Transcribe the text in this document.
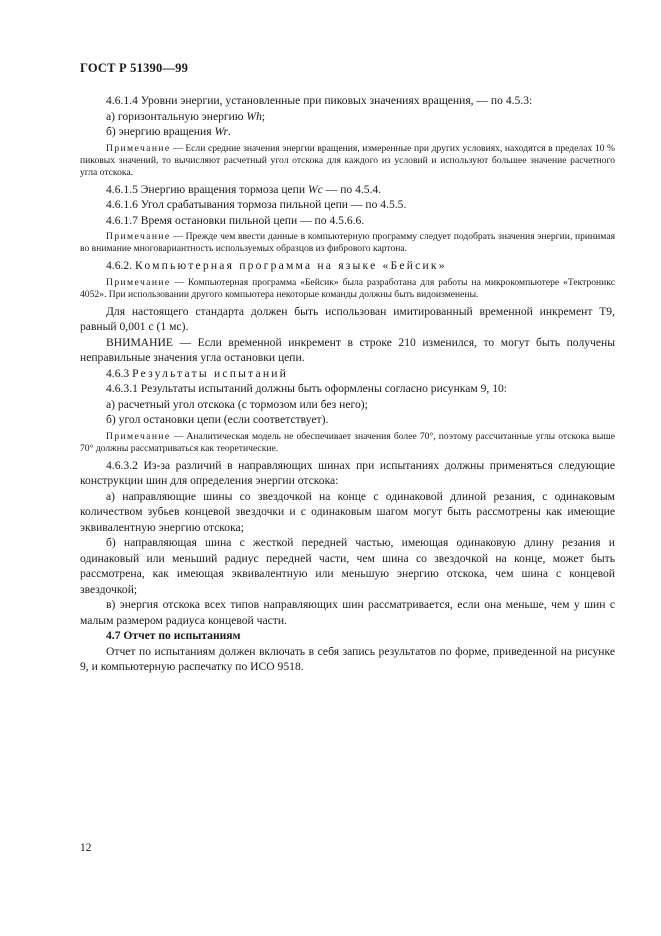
ГОСТ Р 51390—99

4.6.1.4 Уровни энергии, установленные при пиковых значениях вращения, — по 4.5.3:

а) горизонтальную энергию Wh;

б) энергию вращения Wr.

Примечание — Если средние значения энергии вращения, измеренные при других условиях, находятся в пределах 10 % пиковых значений, то вычисляют расчетный угол отскока для каждого из условий и используют большее значение расчетного угла отскока.

4.6.1.5 Энергию вращения тормоза цепи Wc — по 4.5.4.

4.6.1.6 Угол срабатывания тормоза пильной цепи — по 4.5.5.

4.6.1.7 Время остановки пильной цепи — по 4.5.6.6.

Примечание — Прежде чем ввести данные в компьютерную программу следует подобрать значения энергии, принимая во внимание многовариантность используемых образцов из фибрового картона.

4.6.2. Компьютерная программа на языке «Бейсик»

Примечание — Компьютерная программа «Бейсик» была разработана для работы на микрокомпьютере «Тектроникс 4052». При использовании другого компьютера некоторые команды должны быть видоизменены.

Для настоящего стандарта должен быть использован имитированный временной инкремент Т9, равный 0,001 с (1 мс).

ВНИМАНИЕ — Если временной инкремент в строке 210 изменился, то могут быть получены неправильные значения угла остановки цепи.

4.6.3 Результаты испытаний

4.6.3.1 Результаты испытаний должны быть оформлены согласно рисункам 9, 10:

а) расчетный угол отскока (с тормозом или без него);

б) угол остановки цепи (если соответствует).

Примечание — Аналитическая модель не обеспечивает значения более 70°, поэтому рассчитанные углы отскока выше 70° должны рассматриваться как теоретические.

4.6.3.2 Из-за различий в направляющих шинах при испытаниях должны применяться следующие конструкции шин для определения энергии отскока:

а) направляющие шины со звездочкой на конце с одинаковой длиной резания, с одинаковым количеством зубьев концевой звездочки и с одинаковым шагом могут быть рассмотрены как имеющие эквивалентную энергию отскока;

б) направляющая шина с жесткой передней частью, имеющая одинаковую длину резания и одинаковый или меньший радиус передней части, чем шина со звездочкой на конце, может быть рассмотрена, как имеющая эквивалентную или меньшую энергию отскока, чем шина с концевой звездочкой;

в) энергия отскока всех типов направляющих шин рассматривается, если она меньше, чем у шин с малым размером радиуса концевой части.

4.7 Отчет по испытаниям

Отчет по испытаниям должен включать в себя запись результатов по форме, приведенной на рисунке 9, и компьютерную распечатку по ИСО 9518.

12
